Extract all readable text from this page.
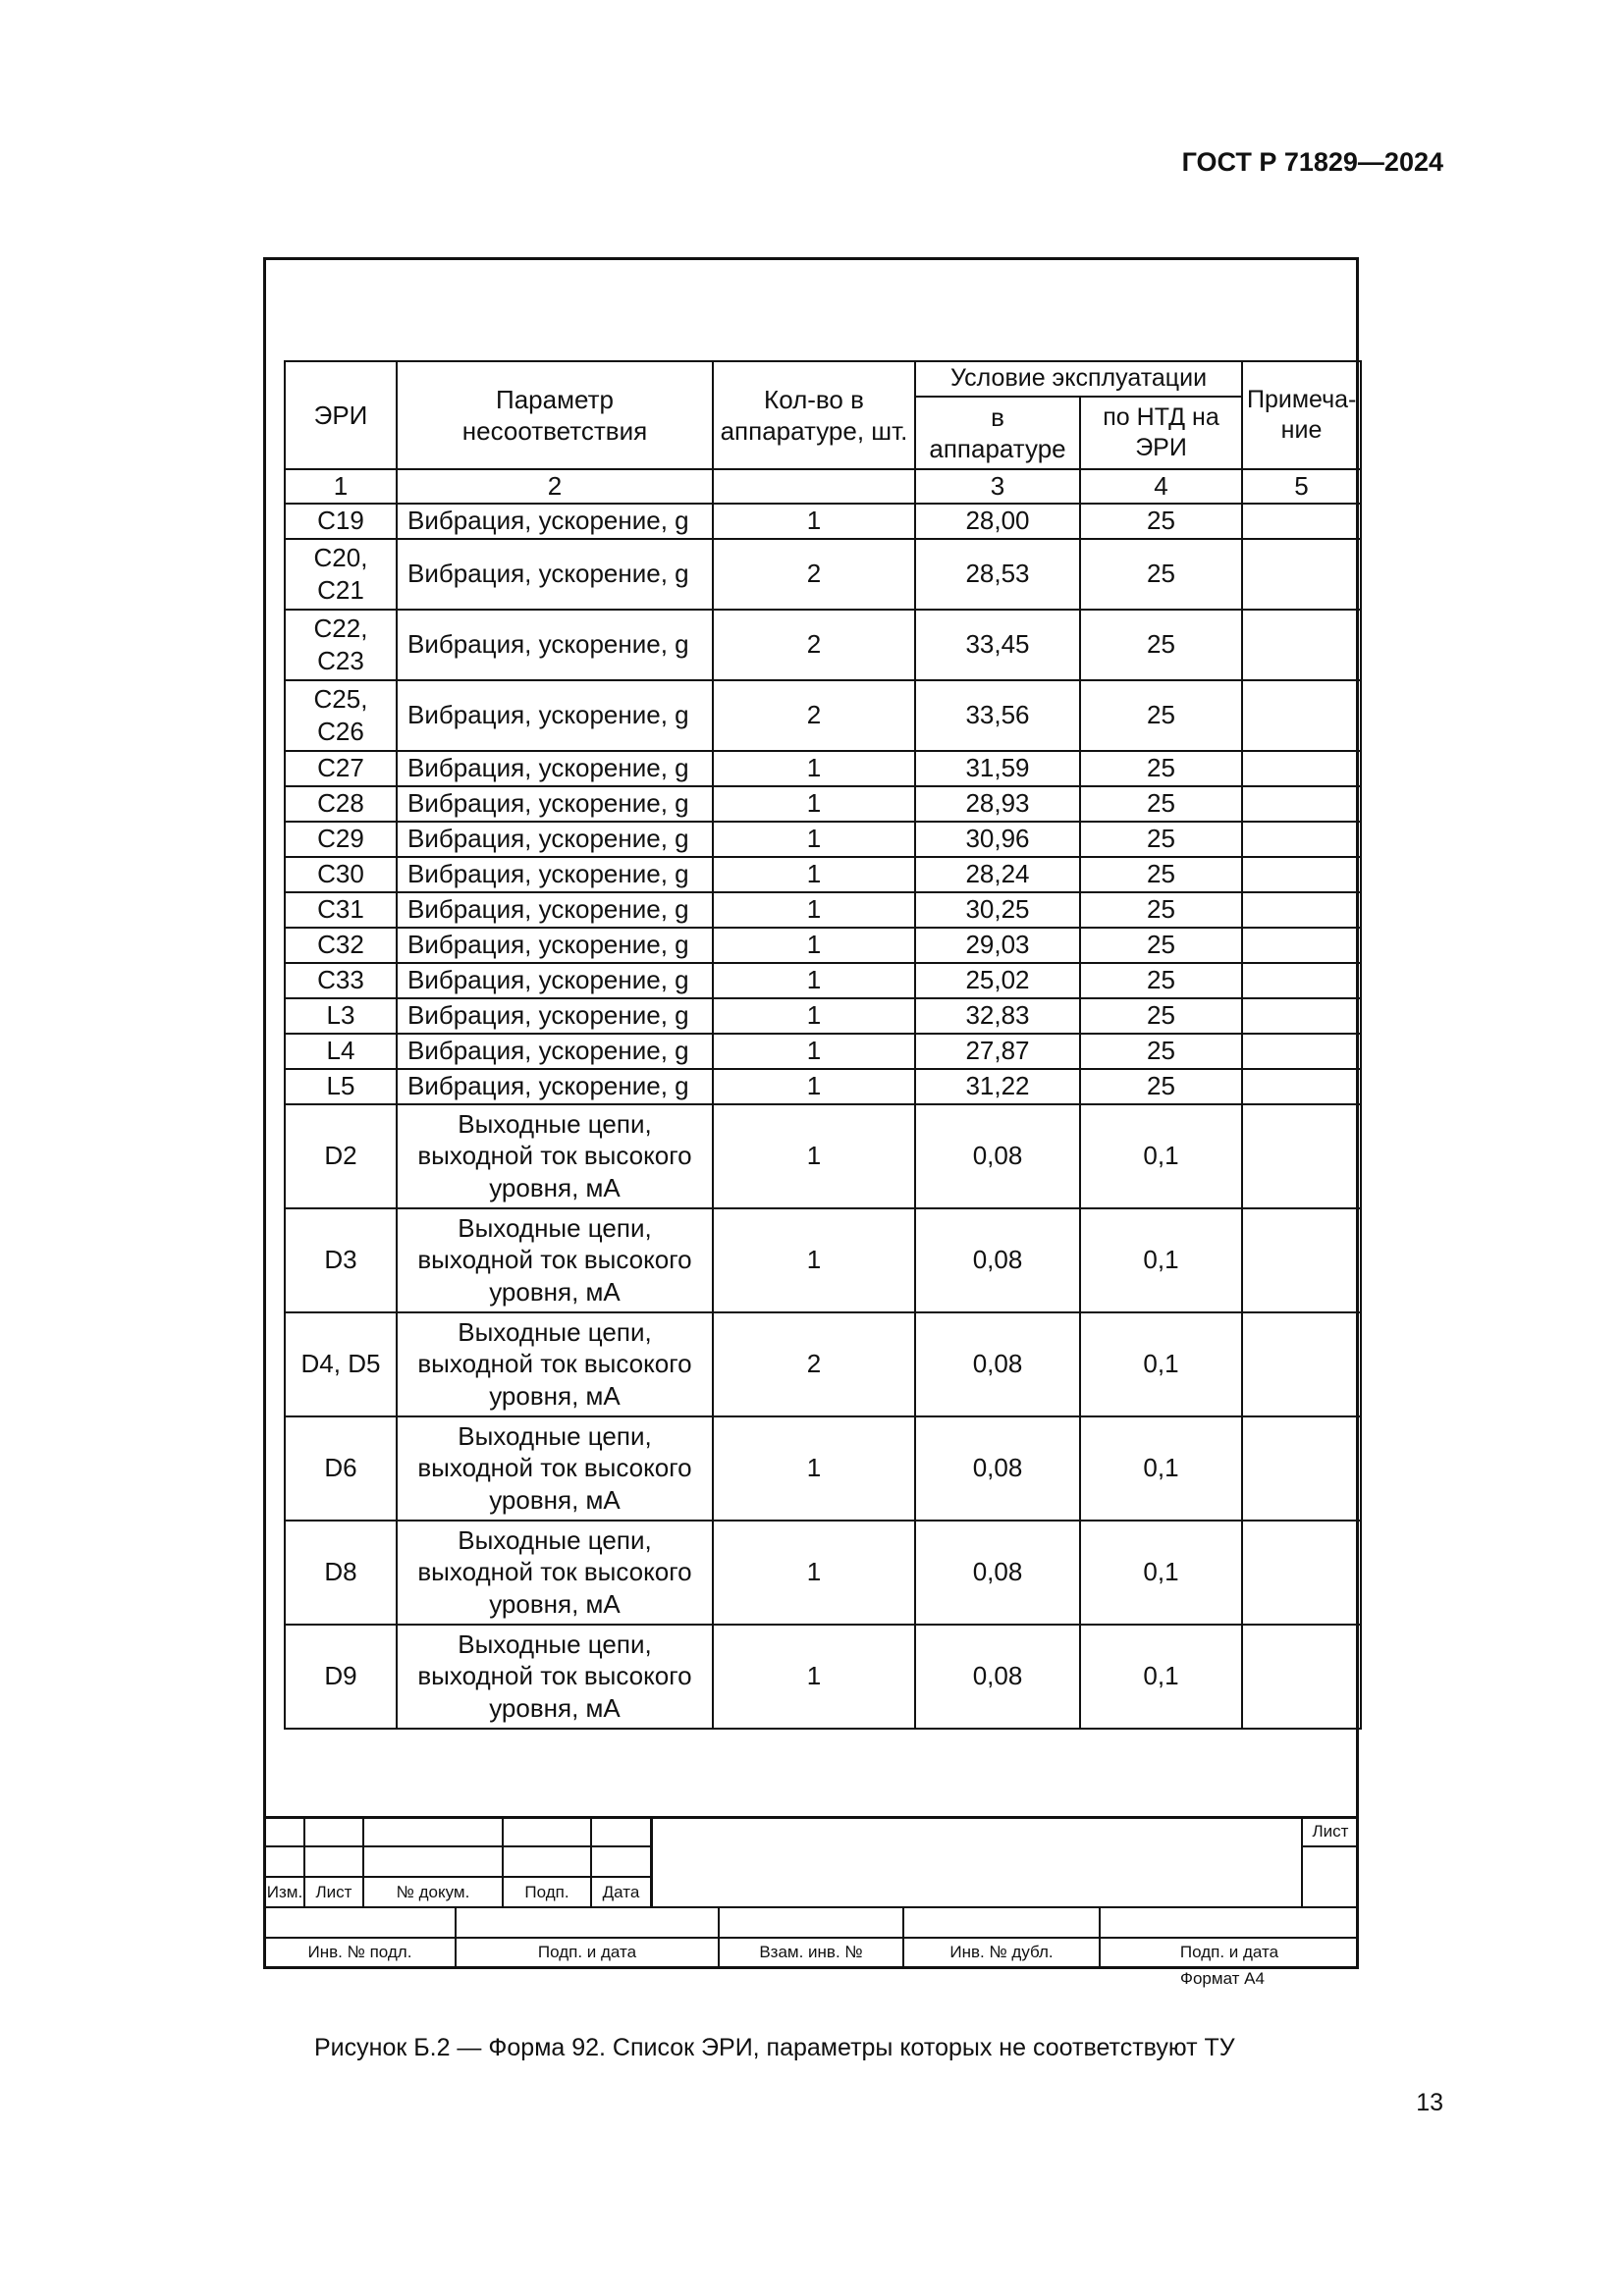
ГОСТ Р 71829—2024
ЭРИ	Параметр несоответствия	Кол-во в аппаратуре, шт.	Условие эксплуатации		Примеча-ние
			в аппаратуре	по НТД на ЭРИ	
1	2		3	4	5
С19	Вибрация, ускорение, g	1	28,00	25	
С20, С21	Вибрация, ускорение, g	2	28,53	25	
С22, С23	Вибрация, ускорение, g	2	33,45	25	
С25, С26	Вибрация, ускорение, g	2	33,56	25	
С27	Вибрация, ускорение, g	1	31,59	25	
С28	Вибрация, ускорение, g	1	28,93	25	
С29	Вибрация, ускорение, g	1	30,96	25	
С30	Вибрация, ускорение, g	1	28,24	25	
С31	Вибрация, ускорение, g	1	30,25	25	
С32	Вибрация, ускорение, g	1	29,03	25	
С33	Вибрация, ускорение, g	1	25,02	25	
L3	Вибрация, ускорение, g	1	32,83	25	
L4	Вибрация, ускорение, g	1	27,87	25	
L5	Вибрация, ускорение, g	1	31,22	25	
D2	Выходные цепи, выходной ток высокого уровня, мА	1	0,08	0,1	
D3	Выходные цепи, выходной ток высокого уровня, мА	1	0,08	0,1	
D4, D5	Выходные цепи, выходной ток высокого уровня, мА	2	0,08	0,1	
D6	Выходные цепи, выходной ток высокого уровня, мА	1	0,08	0,1	
D8	Выходные цепи, выходной ток высокого уровня, мА	1	0,08	0,1	
D9	Выходные цепи, выходной ток высокого уровня, мА	1	0,08	0,1	
Лист
Изм. Лист	№ докум.	Подп.	Дата
Инв. № подл.	Подп. и дата	Взам. инв. №	Инв. № дубл.	Подп. и дата
Формат А4
Рисунок Б.2 — Форма 92. Список ЭРИ, параметры которых не соответствуют ТУ
13
